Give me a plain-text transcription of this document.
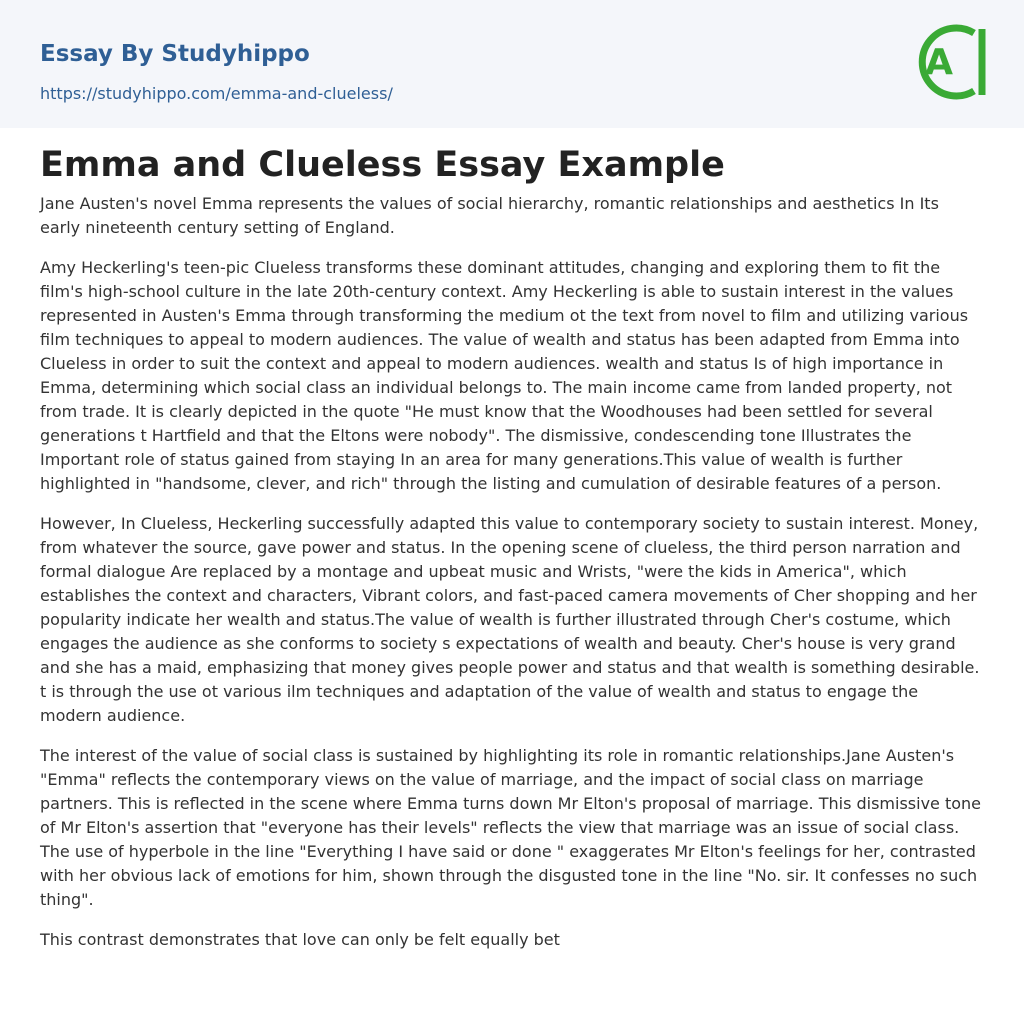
Essay By Studyhippo
https://studyhippo.com/emma-and-clueless/
A
Emma and Clueless Essay Example

Jane Austen's novel Emma represents the values of social hierarchy, romantic relationships and aesthetics In Its early nineteenth century setting of England.

Amy Heckerling's teen-pic Clueless transforms these dominant attitudes, changing and exploring them to fit the film's high-school culture in the late 20th-century context. Amy Heckerling is able to sustain interest in the values represented in Austen's Emma through transforming the medium ot the text from novel to film and utilizing various film techniques to appeal to modern audiences. The value of wealth and status has been adapted from Emma into Clueless in order to suit the context and appeal to modern audiences. wealth and status Is of high importance in Emma, determining which social class an individual belongs to. The main income came from landed property, not from trade. It is clearly depicted in the quote "He must know that the Woodhouses had been settled for several generations t Hartfield and that the Eltons were nobody". The dismissive, condescending tone Illustrates the Important role of status gained from staying In an area for many generations.This value of wealth is further highlighted in "handsome, clever, and rich" through the listing and cumulation of desirable features of a person.

However, In Clueless, Heckerling successfully adapted this value to contemporary society to sustain interest. Money, from whatever the source, gave power and status. In the opening scene of clueless, the third person narration and formal dialogue Are replaced by a montage and upbeat music and Wrists, "were the kids in America", which establishes the context and characters, Vibrant colors, and fast-paced camera movements of Cher shopping and her popularity indicate her wealth and status.The value of wealth is further illustrated through Cher's costume, which engages the audience as she conforms to society s expectations of wealth and beauty. Cher's house is very grand and she has a maid, emphasizing that money gives people power and status and that wealth is something desirable. t is through the use ot various ilm techniques and adaptation of the value of wealth and status to engage the modern audience.

The interest of the value of social class is sustained by highlighting its role in romantic relationships.Jane Austen's "Emma" reflects the contemporary views on the value of marriage, and the impact of social class on marriage partners. This is reflected in the scene where Emma turns down Mr Elton's proposal of marriage. This dismissive tone of Mr Elton's assertion that "everyone has their levels" reflects the view that marriage was an issue of social class. The use of hyperbole in the line "Everything I have said or done " exaggerates Mr Elton's feelings for her, contrasted with her obvious lack of emotions for him, shown through the disgusted tone in the line "No. sir. It confesses no such thing".

This contrast demonstrates that love can only be felt equally bet
